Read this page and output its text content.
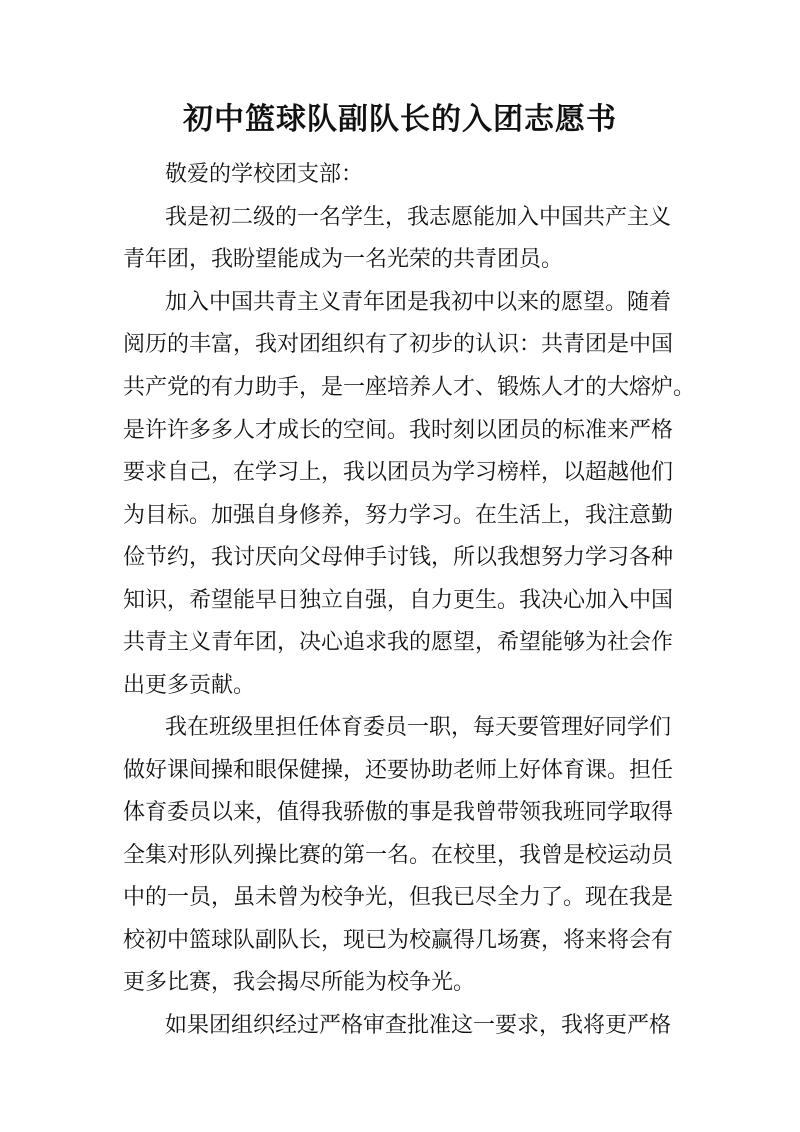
初中篮球队副队长的入团志愿书

敬爱的学校团支部：

我是初二级的一名学生，我志愿能加入中国共产主义

青年团，我盼望能成为一名光荣的共青团员。

加入中国共青主义青年团是我初中以来的愿望。随着

阅历的丰富，我对团组织有了初步的认识：共青团是中国

共产党的有力助手，是一座培养人才、锻炼人才的大熔炉。

是许许多多人才成长的空间。我时刻以团员的标准来严格

要求自己，在学习上，我以团员为学习榜样，以超越他们

为目标。加强自身修养，努力学习。在生活上，我注意勤

俭节约，我讨厌向父母伸手讨钱，所以我想努力学习各种

知识，希望能早日独立自强，自力更生。我决心加入中国

共青主义青年团，决心追求我的愿望，希望能够为社会作

出更多贡献。

我在班级里担任体育委员一职，每天要管理好同学们

做好课间操和眼保健操，还要协助老师上好体育课。担任

体育委员以来，值得我骄傲的事是我曾带领我班同学取得

全集对形队列操比赛的第一名。在校里，我曾是校运动员

中的一员，虽未曾为校争光，但我已尽全力了。现在我是

校初中篮球队副队长，现已为校赢得几场赛，将来将会有

更多比赛，我会揭尽所能为校争光。

如果团组织经过严格审查批准这一要求，我将更严格
